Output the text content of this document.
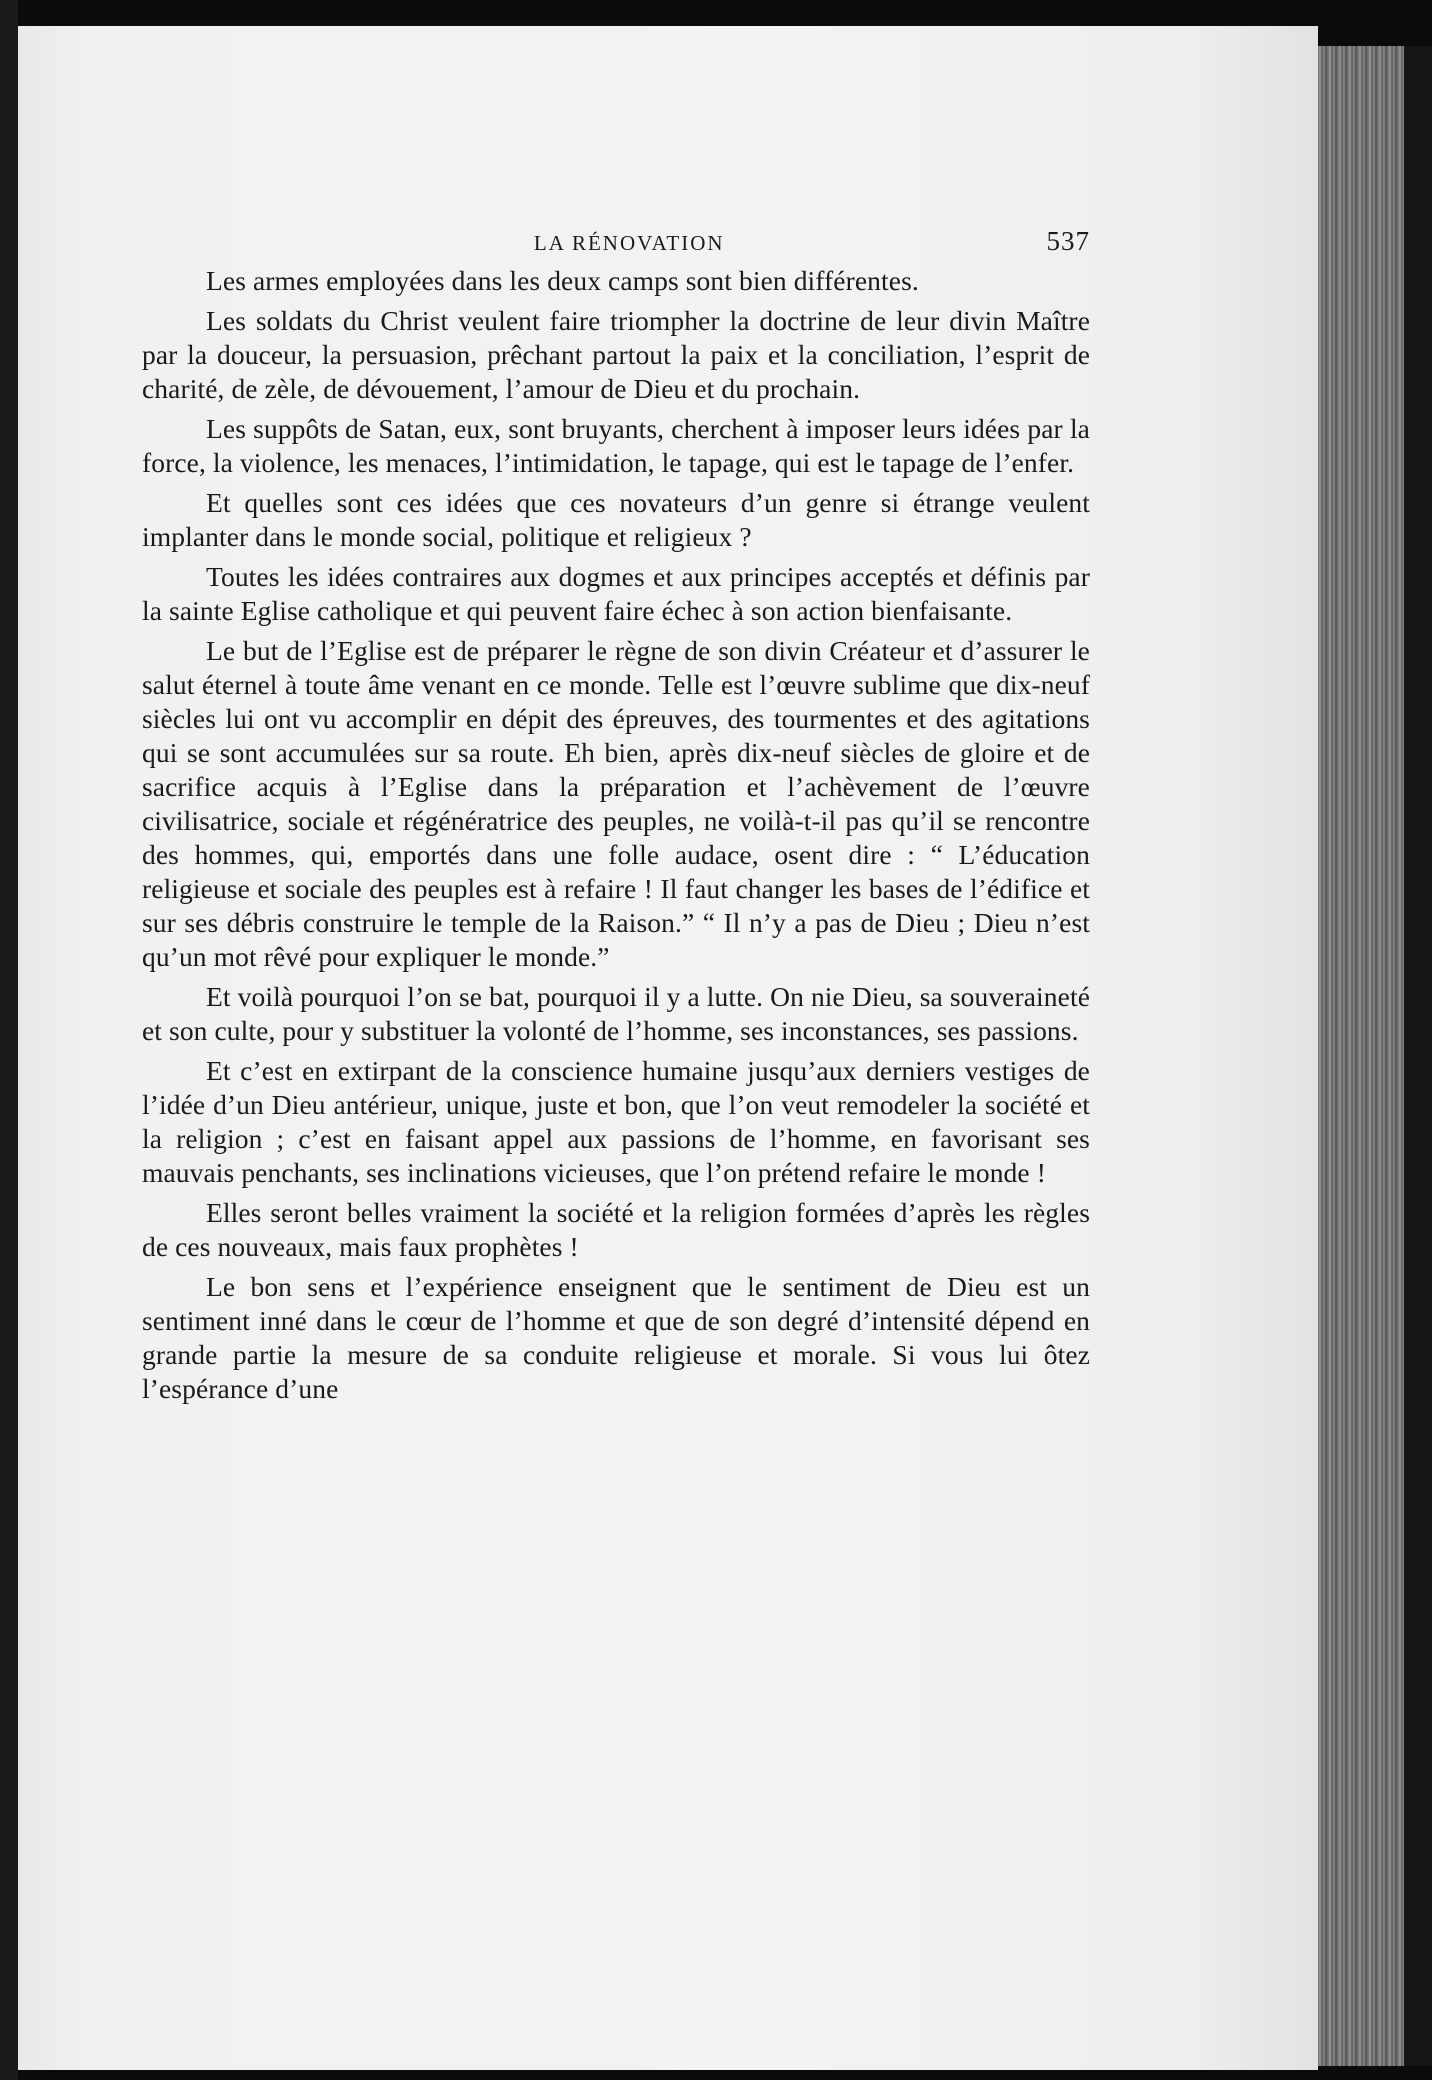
LA RÉNOVATION	537

Les armes employées dans les deux camps sont bien différentes.

Les soldats du Christ veulent faire triompher la doctrine de leur divin Maître par la douceur, la persuasion, prêchant partout la paix et la conciliation, l’esprit de charité, de zèle, de dévouement, l’amour de Dieu et du prochain.

Les suppôts de Satan, eux, sont bruyants, cherchent à imposer leurs idées par la force, la violence, les menaces, l’intimidation, le tapage, qui est le tapage de l’enfer.

Et quelles sont ces idées que ces novateurs d’un genre si étrange veulent implanter dans le monde social, politique et religieux ?

Toutes les idées contraires aux dogmes et aux principes acceptés et définis par la sainte Eglise catholique et qui peuvent faire échec à son action bienfaisante.

Le but de l’Eglise est de préparer le règne de son divin Créateur et d’assurer le salut éternel à toute âme venant en ce monde. Telle est l’œuvre sublime que dix-neuf siècles lui ont vu accomplir en dépit des épreuves, des tourmentes et des agitations qui se sont accumulées sur sa route. Eh bien, après dix-neuf siècles de gloire et de sacrifice acquis à l’Eglise dans la préparation et l’achèvement de l’œuvre civilisatrice, sociale et régénératrice des peuples, ne voilà-t-il pas qu’il se rencontre des hommes, qui, emportés dans une folle audace, osent dire : “ L’éducation religieuse et sociale des peuples est à refaire ! Il faut changer les bases de l’édifice et sur ses débris construire le temple de la Raison.” “ Il n’y a pas de Dieu ; Dieu n’est qu’un mot rêvé pour expliquer le monde.”

Et voilà pourquoi l’on se bat, pourquoi il y a lutte. On nie Dieu, sa souveraineté et son culte, pour y substituer la volonté de l’homme, ses inconstances, ses passions.

Et c’est en extirpant de la conscience humaine jusqu’aux derniers vestiges de l’idée d’un Dieu antérieur, unique, juste et bon, que l’on veut remodeler la société et la religion ; c’est en faisant appel aux passions de l’homme, en favorisant ses mauvais penchants, ses inclinations vicieuses, que l’on prétend refaire le monde !

Elles seront belles vraiment la société et la religion formées d’après les règles de ces nouveaux, mais faux prophètes !

Le bon sens et l’expérience enseignent que le sentiment de Dieu est un sentiment inné dans le cœur de l’homme et que de son degré d’intensité dépend en grande partie la mesure de sa conduite religieuse et morale. Si vous lui ôtez l’espérance d’une
